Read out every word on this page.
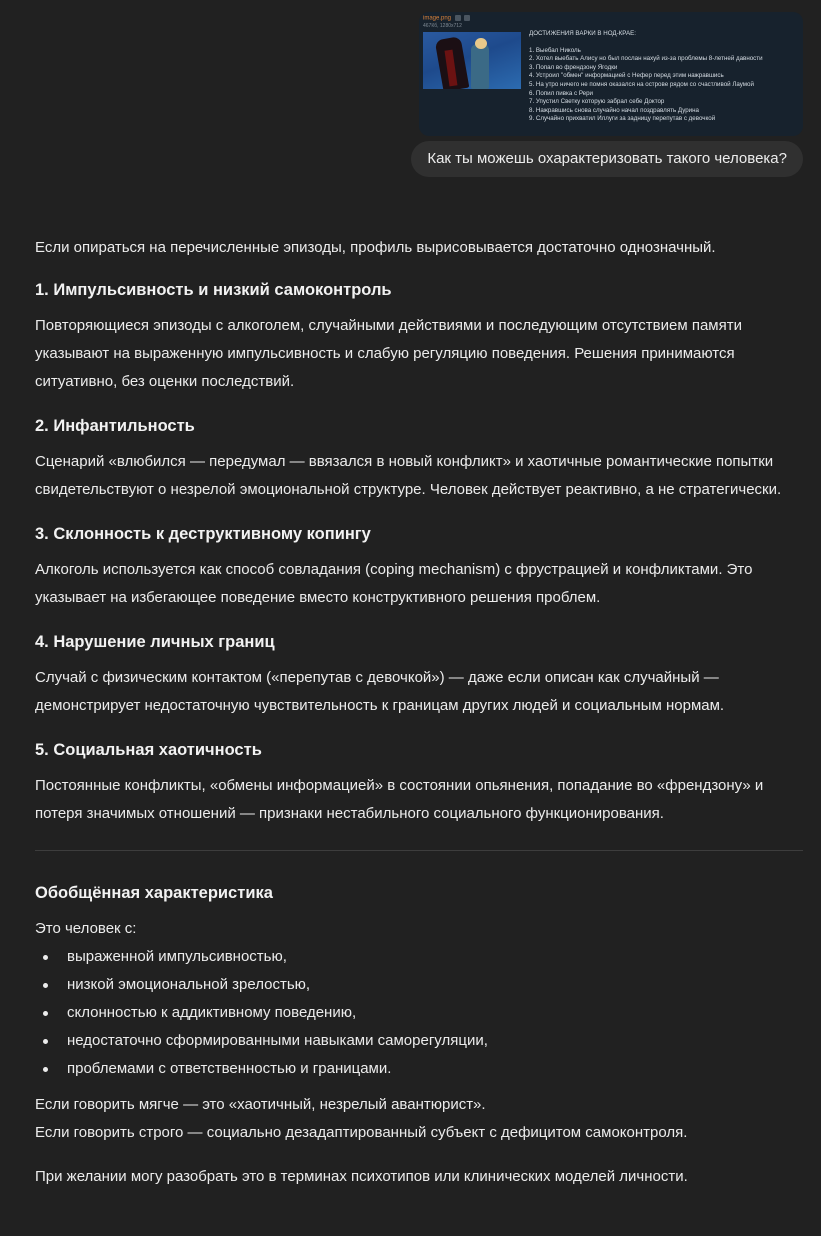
image.png
467Кб, 1280x712
ДОСТИЖЕНИЯ ВАРКИ В НОД-КРАЕ:
1. Выебал Николь
2. Хотел выебать Алису но был послан нахуй из-за проблемы 8-летней давности
3. Попал во френдзону Ягодки
4. Устроил "обмен" информацией с Нефер перед этим нажравшись
5. На утро ничего не помня оказался на острове рядом со счастливой Лаумой
6. Попил пивка с Рери
7. Упустил Светку которую забрал себе Доктор
8. Нажравшись снова случайно начал поздравлять Дурина
9. Случайно прихватил Иллуги за задницу перепутав с девочкой
Как ты можешь охарактеризовать такого человека?

Если опираться на перечисленные эпизоды, профиль вырисовывается достаточно однозначный.

1. Импульсивность и низкий самоконтроль

Повторяющиеся эпизоды с алкоголем, случайными действиями и последующим отсутствием памяти указывают на выраженную импульсивность и слабую регуляцию поведения. Решения принимаются ситуативно, без оценки последствий.

2. Инфантильность

Сценарий «влюбился — передумал — ввязался в новый конфликт» и хаотичные романтические попытки свидетельствуют о незрелой эмоциональной структуре. Человек действует реактивно, а не стратегически.

3. Склонность к деструктивному копингу

Алкоголь используется как способ совладания (coping mechanism) с фрустрацией и конфликтами. Это указывает на избегающее поведение вместо конструктивного решения проблем.

4. Нарушение личных границ

Случай с физическим контактом («перепутав с девочкой») — даже если описан как случайный — демонстрирует недостаточную чувствительность к границам других людей и социальным нормам.

5. Социальная хаотичность

Постоянные конфликты, «обмены информацией» в состоянии опьянения, попадание во «френдзону» и потеря значимых отношений — признаки нестабильного социального функционирования.

Обобщённая характеристика

Это человек с:

выраженной импульсивностью,
низкой эмоциональной зрелостью,
склонностью к аддиктивному поведению,
недостаточно сформированными навыками саморегуляции,
проблемами с ответственностью и границами.

Если говорить мягче — это «хаотичный, незрелый авантюрист».

Если говорить строго — социально дезадаптированный субъект с дефицитом самоконтроля.

При желании могу разобрать это в терминах психотипов или клинических моделей личности.
